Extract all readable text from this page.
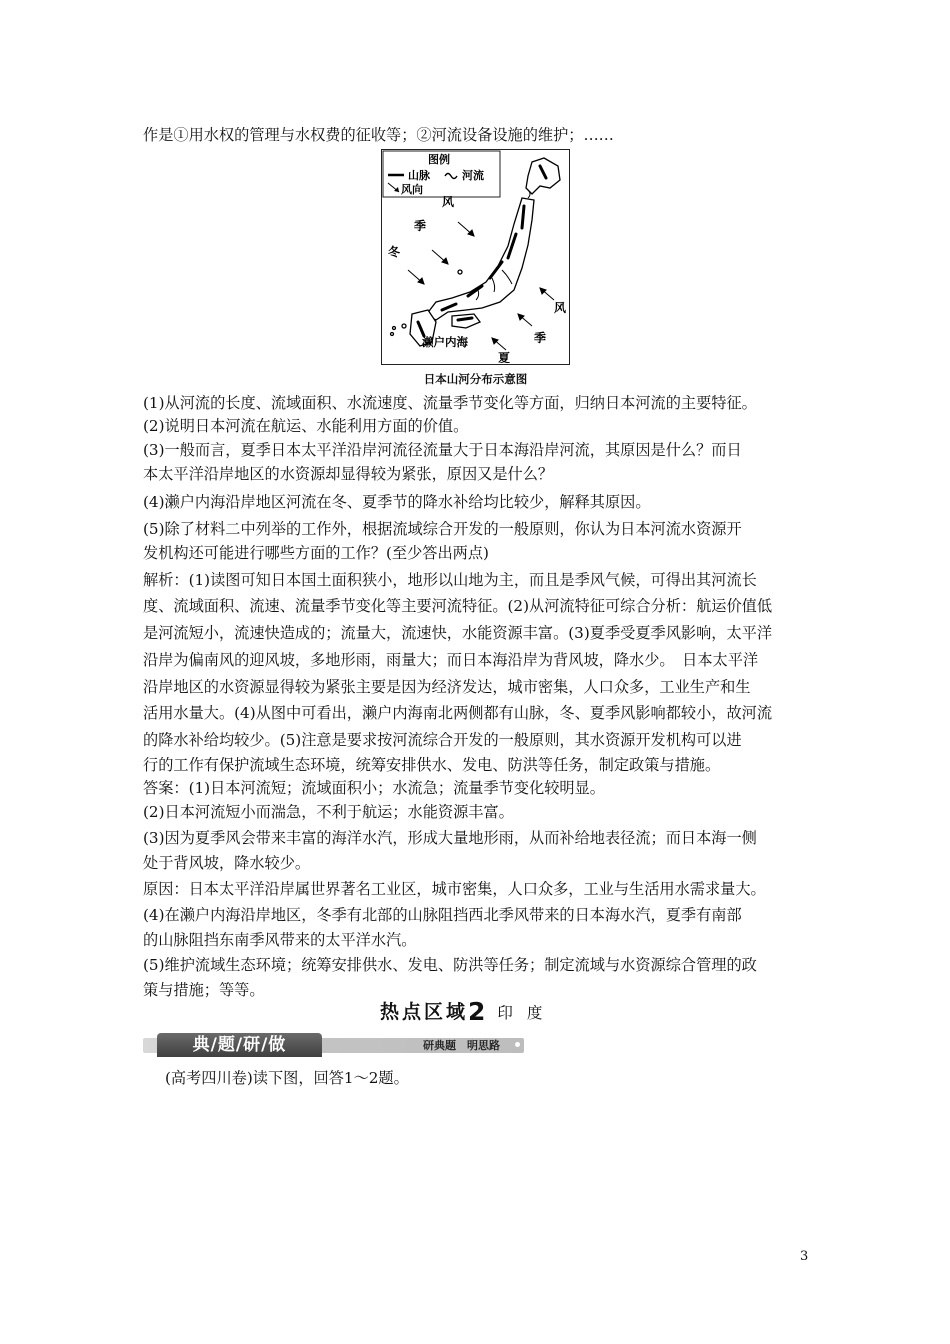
作是①用水权的管理与水权费的征收等；②河流设备设施的维护；……
图例
山脉	河流
风向
冬
季
风
夏
季
风
濑户内海
日本山河分布示意图
(1)从河流的长度、流域面积、水流速度、流量季节变化等方面，归纳日本河流的主要特征。
(2)说明日本河流在航运、水能利用方面的价值。
(3)一般而言，夏季日本太平洋沿岸河流径流量大于日本海沿岸河流，其原因是什么？而日
本太平洋沿岸地区的水资源却显得较为紧张，原因又是什么？
(4)濑户内海沿岸地区河流在冬、夏季节的降水补给均比较少，解释其原因。
(5)除了材料二中列举的工作外，根据流域综合开发的一般原则，你认为日本河流水资源开
发机构还可能进行哪些方面的工作？(至少答出两点)
解析：(1)读图可知日本国土面积狭小，地形以山地为主，而且是季风气候，可得出其河流长
度、流域面积、流速、流量季节变化等主要河流特征。(2)从河流特征可综合分析：航运价值低
是河流短小，流速快造成的；流量大，流速快，水能资源丰富。(3)夏季受夏季风影响，太平洋
沿岸为偏南风的迎风坡，多地形雨，雨量大；而日本海沿岸为背风坡，降水少。　日本太平洋
沿岸地区的水资源显得较为紧张主要是因为经济发达，城市密集，人口众多，工业生产和生
活用水量大。(4)从图中可看出，濑户内海南北两侧都有山脉，冬、夏季风影响都较小，故河流
的降水补给均较少。(5)注意是要求按河流综合开发的一般原则，其水资源开发机构可以进
行的工作有保护流域生态环境，统筹安排供水、发电、防洪等任务，制定政策与措施。
答案：(1)日本河流短；流域面积小；水流急；流量季节变化较明显。
(2)日本河流短小而湍急，不利于航运；水能资源丰富。
(3)因为夏季风会带来丰富的海洋水汽，形成大量地形雨，从而补给地表径流；而日本海一侧
处于背风坡，降水较少。
原因：日本太平洋沿岸属世界著名工业区，城市密集，人口众多，工业与生活用水需求量大。
(4)在濑户内海沿岸地区，冬季有北部的山脉阻挡西北季风带来的日本海水汽，夏季有南部
的山脉阻挡东南季风带来的太平洋水汽。
(5)维护流域生态环境；统筹安排供水、发电、防洪等任务；制定流域与水资源综合管理的政
策与措施；等等。
热点区域2 印度
典/题/研/做	研典题　明思路
(高考四川卷)读下图，回答1～2题。
3
